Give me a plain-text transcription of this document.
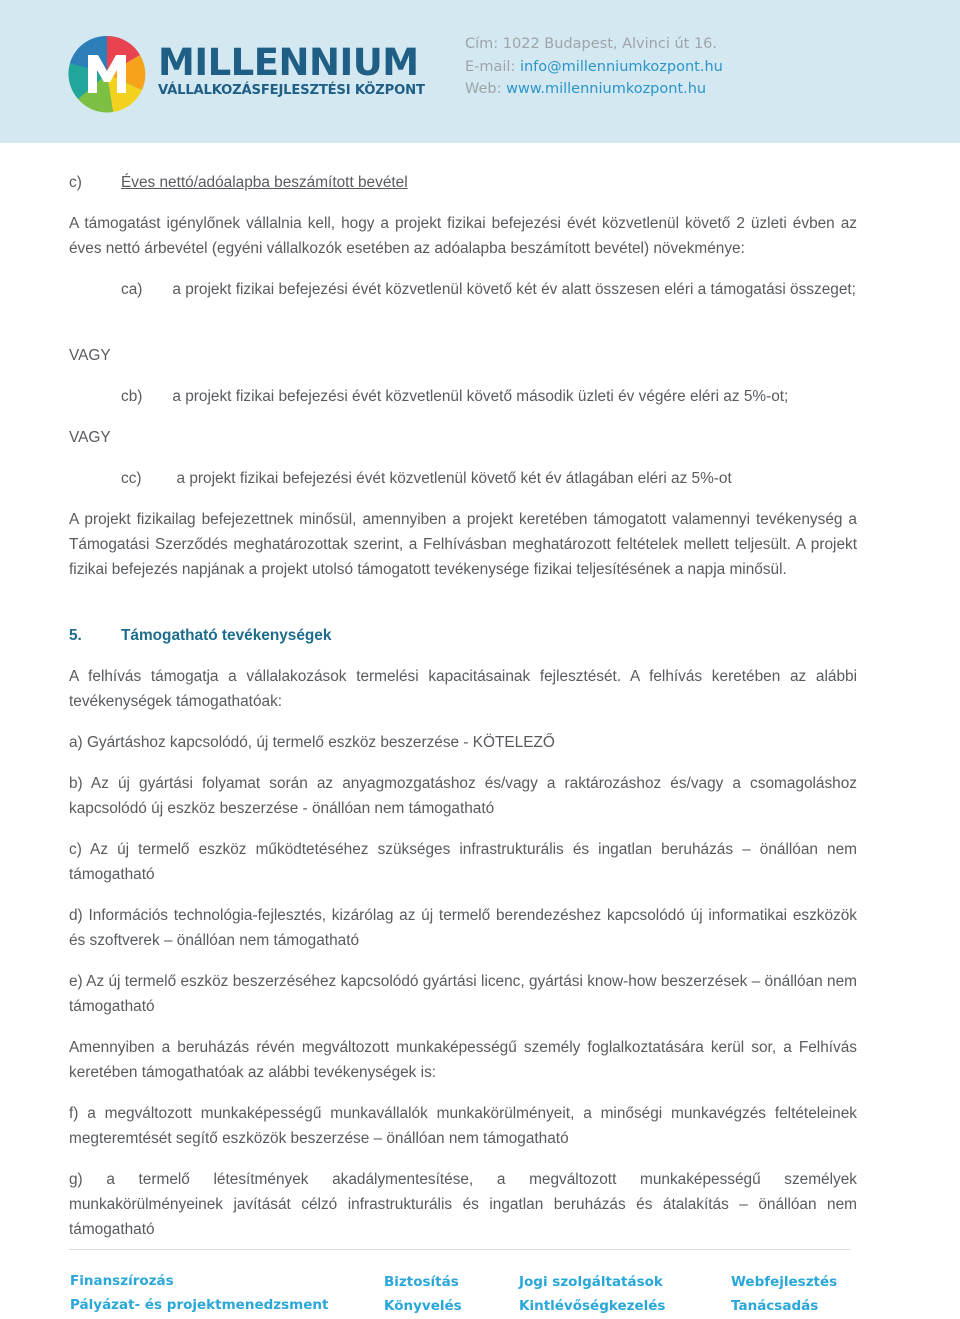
MILLENNIUM
VÁLLALKOZÁSFEJLESZTÉSI KÖZPONT
Cím: 1022 Budapest, Alvinci út 16.
E-mail: info@millenniumkozpont.hu
Web: www.millenniumkozpont.hu
c)	Éves nettó/adóalapba beszámított bevétel
A támogatást igénylőnek vállalnia kell, hogy a projekt fizikai befejezési évét közvetlenül követő 2 üzleti évben az éves nettó árbevétel (egyéni vállalkozók esetében az adóalapba beszámított bevétel) növekménye:
ca) a projekt fizikai befejezési évét közvetlenül követő két év alatt összesen eléri a támogatási összeget;
VAGY
cb) a projekt fizikai befejezési évét közvetlenül követő második üzleti év végére eléri az 5%-ot;
VAGY
cc) a projekt fizikai befejezési évét közvetlenül követő két év átlagában eléri az 5%-ot
A projekt fizikailag befejezettnek minősül, amennyiben a projekt keretében támogatott valamennyi tevékenység a Támogatási Szerződés meghatározottak szerint, a Felhívásban meghatározott feltételek mellett teljesült. A projekt fizikai befejezés napjának a projekt utolsó támogatott tevékenysége fizikai teljesítésének a napja minősül.
5.	Támogatható tevékenységek
A felhívás támogatja a vállalakozások termelési kapacitásainak fejlesztését. A felhívás keretében az alábbi tevékenységek támogathatóak:
a) Gyártáshoz kapcsolódó, új termelő eszköz beszerzése - KÖTELEZŐ
b) Az új gyártási folyamat során az anyagmozgatáshoz és/vagy a raktározáshoz és/vagy a csomagoláshoz kapcsolódó új eszköz beszerzése - önállóan nem támogatható
c) Az új termelő eszköz működtetéséhez szükséges infrastrukturális és ingatlan beruházás – önállóan nem támogatható
d) Információs technológia-fejlesztés, kizárólag az új termelő berendezéshez kapcsolódó új informatikai eszközök és szoftverek – önállóan nem támogatható
e) Az új termelő eszköz beszerzéséhez kapcsolódó gyártási licenc, gyártási know-how beszerzések – önállóan nem támogatható
Amennyiben a beruházás révén megváltozott munkaképességű személy foglalkoztatására kerül sor, a Felhívás keretében támogathatóak az alábbi tevékenységek is:
f) a megváltozott munkaképességű munkavállalók munkakörülményeit, a minőségi munkavégzés feltételeinek megteremtését segítő eszközök beszerzése – önállóan nem támogatható
g) a termelő létesítmények akadálymentesítése, a megváltozott munkaképességű személyek munkakörülményeinek javítását célzó infrastrukturális és ingatlan beruházás és átalakítás – önállóan nem támogatható
Finanszírozás
Pályázat- és projektmenedzsment
Biztosítás
Könyvelés
Jogi szolgáltatások
Kintlévőségkezelés
Webfejlesztés
Tanácsadás
